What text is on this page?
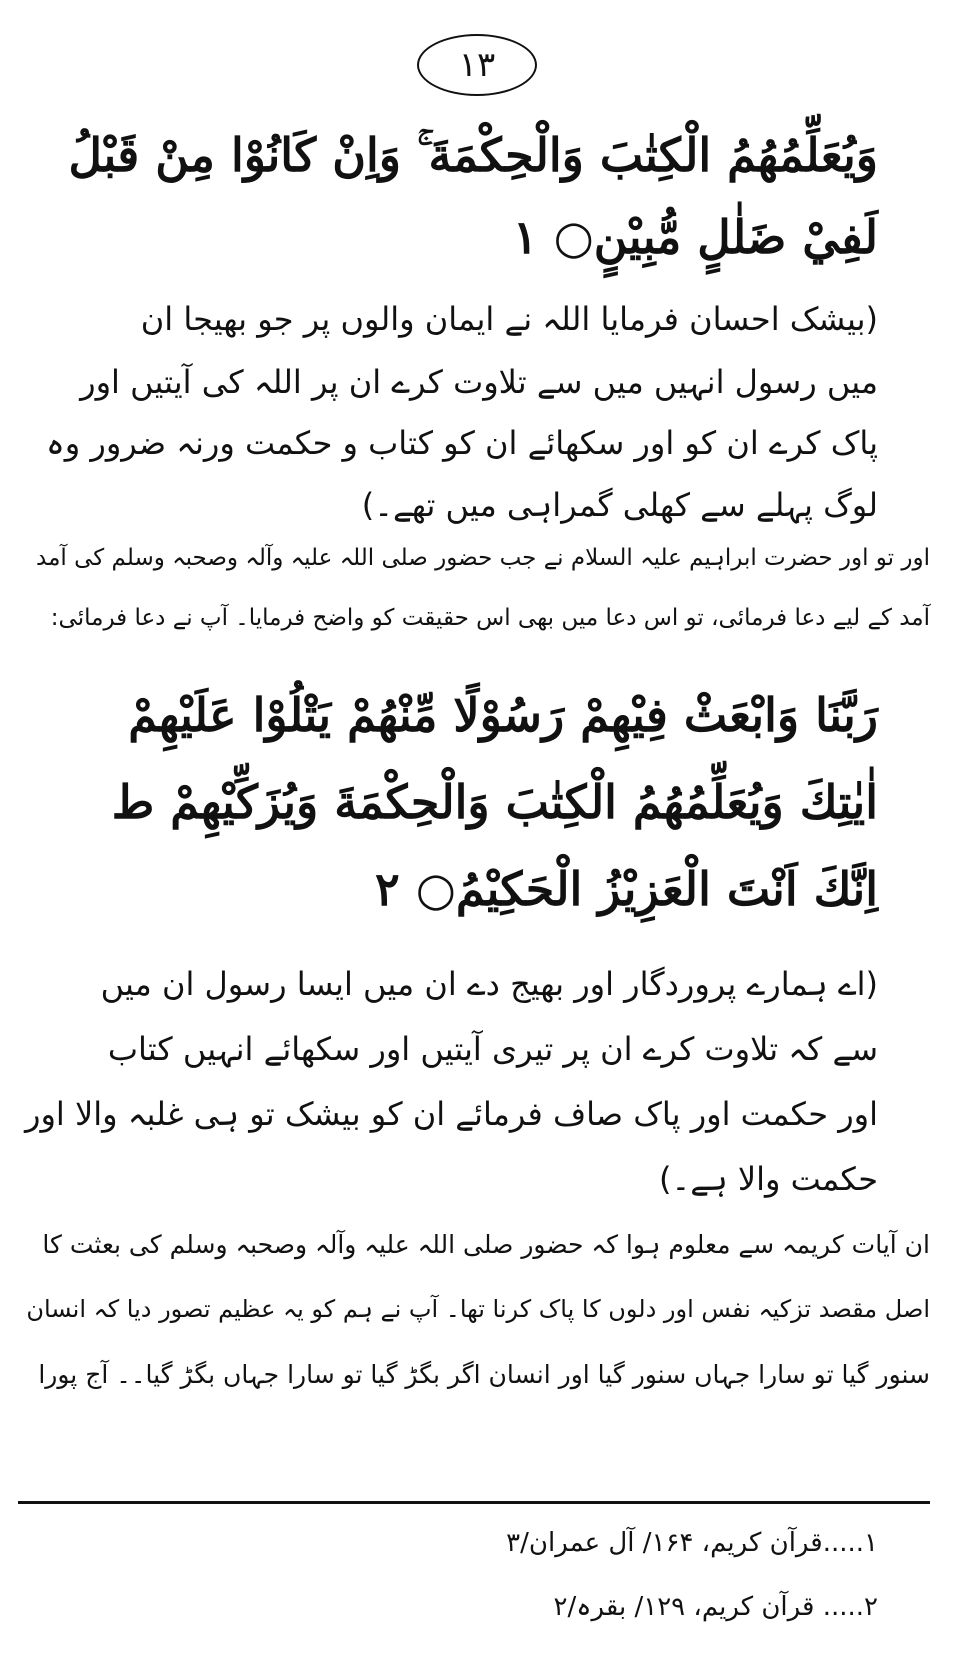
۱۳
وَيُعَلِّمُهُمُ الْكِتٰبَ وَالْحِكْمَةَ ۚ وَاِنْ كَانُوْا مِنْ قَبْلُ
لَفِيْ ضَلٰلٍ مُّبِيْنٍ○ ۱
(بیشک احسان فرمایا اللہ نے ایمان والوں پر جو بھیجا ان
میں رسول انہیں میں سے تلاوت کرے ان پر اللہ کی آیتیں اور
پاک کرے ان کو اور سکھائے ان کو کتاب و حکمت ورنہ ضرور وہ
لوگ پہلے سے کھلی گمراہی میں تھے۔)
اور تو اور حضرت ابراہیم علیہ السلام نے جب حضور صلی اللہ علیہ وآلہ وصحبہ وسلم کی آمد
آمد کے لیے دعا فرمائی، تو اس دعا میں بھی اس حقیقت کو واضح فرمایا۔ آپ نے دعا فرمائی:
رَبَّنَا وَابْعَثْ فِيْهِمْ رَسُوْلًا مِّنْهُمْ يَتْلُوْا عَلَيْهِمْ
اٰيٰتِكَ وَيُعَلِّمُهُمُ الْكِتٰبَ وَالْحِكْمَةَ وَيُزَكِّيْهِمْ ط
اِنَّكَ اَنْتَ الْعَزِيْزُ الْحَكِيْمُ○ ۲
(اے ہمارے پروردگار اور بھیج دے ان میں ایسا رسول ان میں
سے کہ تلاوت کرے ان پر تیری آیتیں اور سکھائے انہیں کتاب
اور حکمت اور پاک صاف فرمائے ان کو بیشک تو ہی غلبہ والا اور
حکمت والا ہے۔)
ان آیات کریمہ سے معلوم ہوا کہ حضور صلی اللہ علیہ وآلہ وصحبہ وسلم کی بعثت کا
اصل مقصد تزکیہ نفس اور دلوں کا پاک کرنا تھا۔ آپ نے ہم کو یہ عظیم تصور دیا کہ انسان
سنور گیا تو سارا جہاں سنور گیا اور انسان اگر بگڑ گیا تو سارا جہاں بگڑ گیا۔۔ آج پورا
۱.....قرآن کریم، ۱۶۴/ آل عمران/۳
۲..... قرآن کریم، ۱۲۹/ بقرہ/۲
